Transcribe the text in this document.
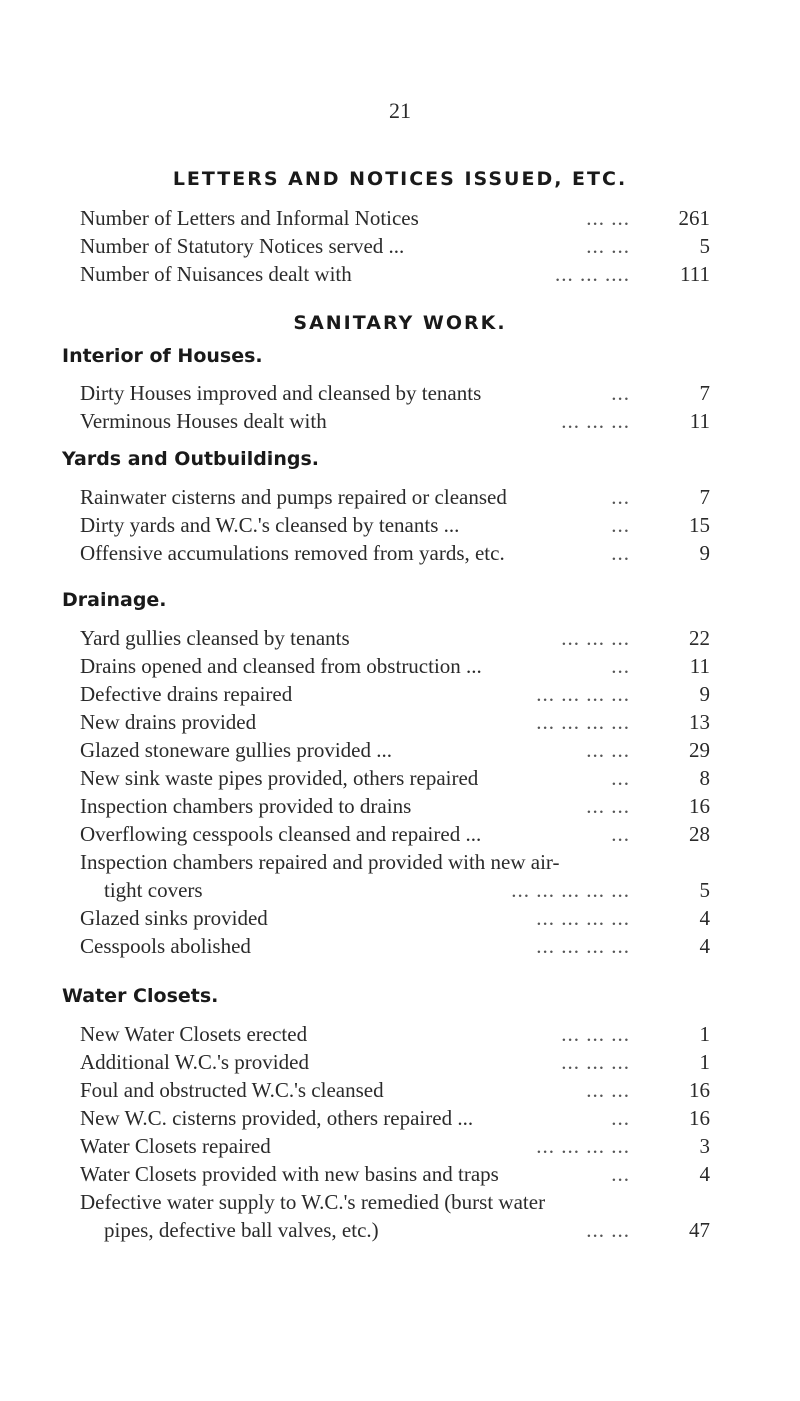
21
LETTERS AND NOTICES ISSUED, ETC.
Number of Letters and Informal Notices	... ... 261
Number of Statutory Notices served ...	... ...	5
Number of Nuisances dealt with	... ... .... 111
SANITARY WORK.
Interior of Houses.
Dirty Houses improved and cleansed by tenants	...	7
Verminous Houses dealt with	... ... ...	11
Yards and Outbuildings.
Rainwater cisterns and pumps repaired or cleansed	...	7
Dirty yards and W.C.'s cleansed by tenants ...	...	15
Offensive accumulations removed from yards, etc.	...	9
Drainage.
Yard gullies cleansed by tenants	... ... ...	22
Drains opened and cleansed from obstruction ...	...	11
Defective drains repaired	... ... ... ...	9
New drains provided	... ... ... ...	13
Glazed stoneware gullies provided ...	... ...	29
New sink waste pipes provided, others repaired	...	8
Inspection chambers provided to drains	... ...	16
Overflowing cesspools cleansed and repaired ...	...	28
Inspection chambers repaired and provided with new air-
tight covers	... ... ... ... ...	5
Glazed sinks provided	... ... ... ...	4
Cesspools abolished	... ... ... ...	4
Water Closets.
New Water Closets erected	... ... ...	1
Additional W.C.'s provided	... ... ...	1
Foul and obstructed W.C.'s cleansed	... ...	16
New W.C. cisterns provided, others repaired ...	...	16
Water Closets repaired	... ... ... ...	3
Water Closets provided with new basins and traps	...	4
Defective water supply to W.C.'s remedied (burst water
pipes, defective ball valves, etc.)	... ...	47
